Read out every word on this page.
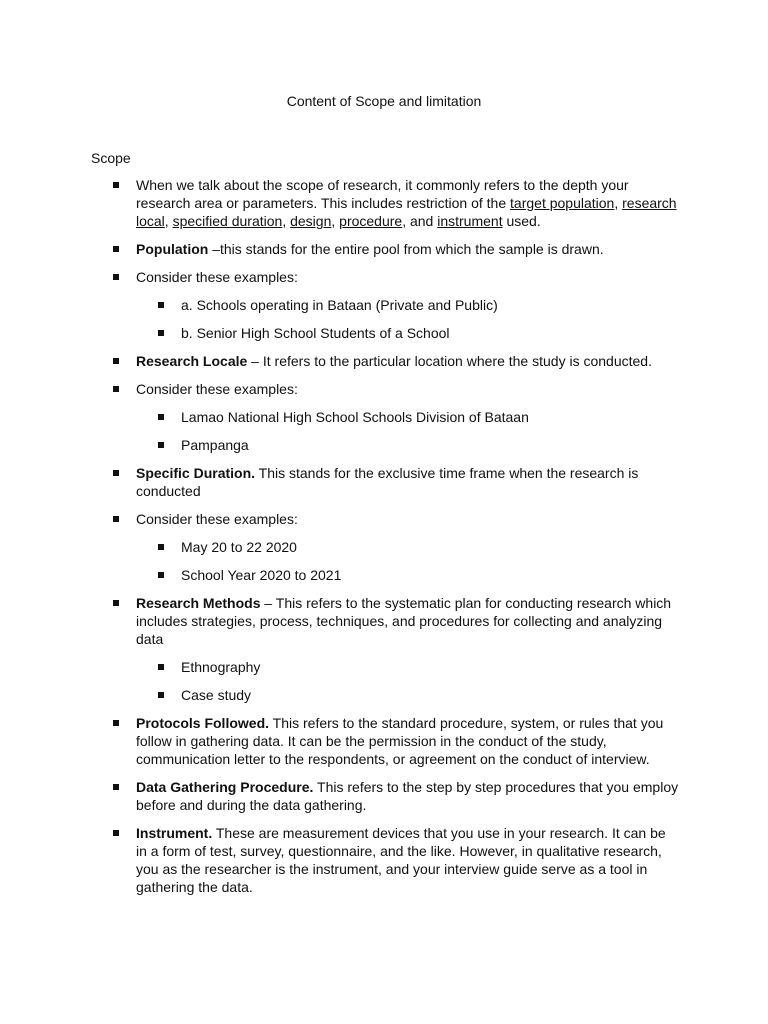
Content of Scope and limitation
Scope
When we talk about the scope of research, it commonly refers to the depth your research area or parameters. This includes restriction of the target population, research local, specified duration, design, procedure, and instrument used.
Population –this stands for the entire pool from which the sample is drawn.
Consider these examples:
a. Schools operating in Bataan (Private and Public)
b. Senior High School Students of a School
Research Locale – It refers to the particular location where the study is conducted.
Consider these examples:
Lamao National High School Schools Division of Bataan
Pampanga
Specific Duration. This stands for the exclusive time frame when the research is conducted
Consider these examples:
May 20 to 22 2020
School Year 2020 to 2021
Research Methods – This refers to the systematic plan for conducting research which includes strategies, process, techniques, and procedures for collecting and analyzing data
Ethnography
Case study
Protocols Followed. This refers to the standard procedure, system, or rules that you follow in gathering data. It can be the permission in the conduct of the study, communication letter to the respondents, or agreement on the conduct of interview.
Data Gathering Procedure. This refers to the step by step procedures that you employ before and during the data gathering.
Instrument. These are measurement devices that you use in your research. It can be in a form of test, survey, questionnaire, and the like. However, in qualitative research, you as the researcher is the instrument, and your interview guide serve as a tool in gathering the data.
